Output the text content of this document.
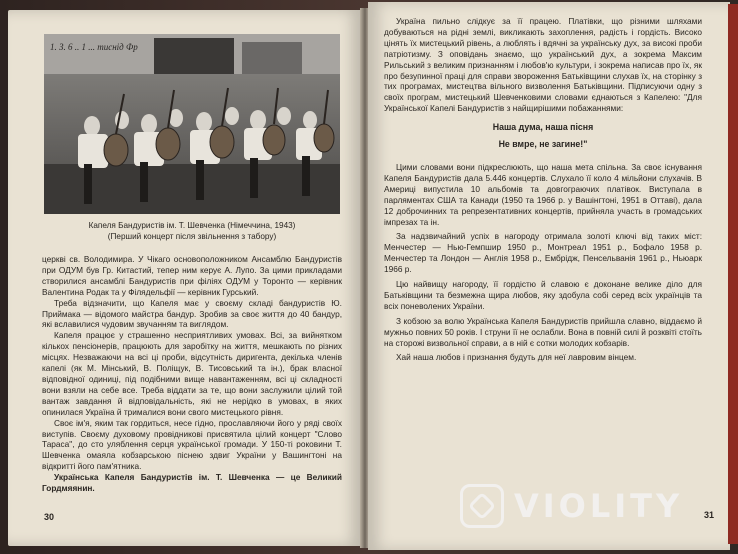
1. З. 6 .. 1 ... тиснід Фр
Капеля Бандуристів ім. Т. Шевченка (Німеччина, 1943)
(Перший концерт після звільнення з табору)

церкві св. Володимира. У Чікаго основоположником Ансамблю Бандуристів при ОДУМ був Гр. Китастий, тепер ним керує А. Лупо. За цими прикладами створилися ансамблі Бандуристів при філіях ОДУМ у Торонто — керівник Валентина Родак та у Філядельфії — керівник Гурський.

Треба відзначити, що Капеля має у своєму складі бандуристів Ю. Приймака — відомого майстра бандур. Зробив за своє життя до 40 бандур, які вславилися чудовим звучанням та виглядом.

Капеля працює у страшенно несприятливих умовах. Всі, за вийнятком кількох пенсіонерів, працюють для заробітку на життя, мешкають по різних місцях. Незважаючи на всі ці проби, відсутність диригента, декілька членів капелі (як М. Мінський, В. Поліщук, В. Тисовський та ін.), брак власної відповідної одиниці, під подібними вище навантаженням, всі ці складності вони взяли на себе все. Треба віддати за те, що вони заслужили цілий той вантаж завдання й відповідальність, які не нерідко в умовах, в яких опинилася Україна й трималися вони свого мистецького рівня.

Своє ім'я, яким так гордиться, несе гідно, прославляючи його у ряді своїх виступів. Своєму духовому провідникові присвятила цілий концерт "Слово Тараса", до сто уляблення серця української громади. У 150-ті роковини Т. Шевченка омаяла кобзарською піснею здвиг України у Вашингтоні на відкритті його пам'ятника.

Українська Капеля Бандуристів ім. Т. Шевченка — це Великий Гордмяянин.

30

Україна пильно слідкує за її працею. Платівки, що різними шляхами добуваються на рідні землі, викликають захоплення, радість і гордість. Високо цінять їх мистецький рівень, а люблять і вдячні за українську дух, за високі проби патріотизму. З оповідань знаємо, що український дух, а зокрема Максим Рильський з великим признанням і любов'ю культури, і зокрема написав про їх, як про безупинної праці для справи звороження Батьківщини слухав їх, на сторінку з тих програмах, мистецтва вільного визволення Батьківщини. Підписуючи одну з своїх програм, мистецький Шевченковими словами єднаються з Капелею: "Для Української Капелі Бандуристів з найщирішими побажаннями:

Наша дума, наша пісня

Не вмре, не загине!"

Цими словами вони підкреслюють, що наша мета спільна. За своє існування Капеля Бандуристів дала 5.446 концертів. Слухало її коло 4 мільйони слухачів. В Америці випустила 10 альбомів та довгограючих платівок. Виступала в парляментах США та Канади (1950 та 1966 р. у Вашінгтоні, 1951 в Оттаві), дала 12 доброчинних та репрезентативних концертів, прийняла участь в громадських імпрезах та ін.

За надзвичайний успіх в нагороду отримала золоті ключі від таких міст: Менчестер — Нью-Гемпшир 1950 р., Монтреал 1951 р., Бофало 1958 р. Менчестер та Лондон — Англія 1958 р., Ембрідж, Пенсельванія 1961 р., Ньюарк 1966 р.

Цю найвищу нагороду, її гордістю й славою є доконане велике діло для Батьківщини та безмежна щира любов, яку здобула собі серед всіх українців та всіх поневолених України.

З кобзою за волю Українська Капеля Бандуристів прийшла славно, віддаємо й мужньо повних 50 років. І струни її не ослабли. Вона в повній силі й розквіті стоїть на сторожі визвольної справи, а в ній є сотки молодих кобзарів.

Хай наша любов і признання будуть для неї лавровим вінцем.

31
VIOLITY
